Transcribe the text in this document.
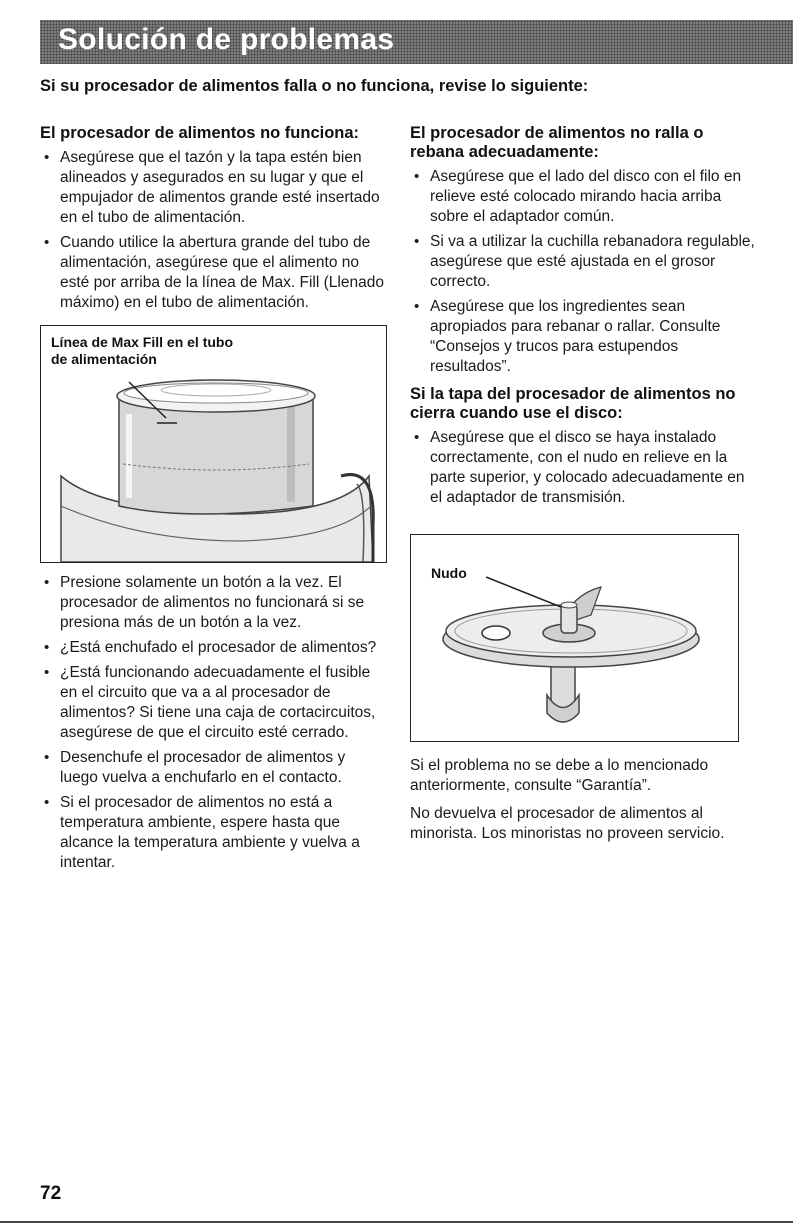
Solución de problemas
Si su procesador de alimentos falla o no funciona, revise lo siguiente:
El procesador de alimentos no funciona:
• Asegúrese que el tazón y la tapa estén bien alineados y asegurados en su lugar y que el empujador de alimentos grande esté insertado en el tubo de alimentación.
• Cuando utilice la abertura grande del tubo de alimentación, asegúrese que el alimento no esté por arriba de la línea de Max. Fill (Llenado máximo) en el tubo de alimentación.
Línea de Max Fill en el tubo de alimentación
• Presione solamente un botón a la vez. El procesador de alimentos no funcionará si se presiona más de un botón a la vez.
• ¿Está enchufado el procesador de alimentos?
• ¿Está funcionando adecuadamente el fusible en el circuito que va a al procesador de alimentos? Si tiene una caja de cortacircuitos, asegúrese de que el circuito esté cerrado.
• Desenchufe el procesador de alimentos y luego vuelva a enchufarlo en el contacto.
• Si el procesador de alimentos no está a temperatura ambiente, espere hasta que alcance la temperatura ambiente y vuelva a intentar.
El procesador de alimentos no ralla o rebana adecuadamente:
• Asegúrese que el lado del disco con el filo en relieve esté colocado mirando hacia arriba sobre el adaptador común.
• Si va a utilizar la cuchilla rebanadora regulable, asegúrese que esté ajustada en el grosor correcto.
• Asegúrese que los ingredientes sean apropiados para rebanar o rallar. Consulte “Consejos y trucos para estupendos resultados”.
Si la tapa del procesador de alimentos no cierra cuando use el disco:
• Asegúrese que el disco se haya instalado correctamente, con el nudo en relieve en la parte superior, y colocado adecuadamente en el adaptador de transmisión.
Nudo

Si el problema no se debe a lo mencionado anteriormente, consulte “Garantía”.

No devuelva el procesador de alimentos al minorista. Los minoristas no proveen servicio.

72
